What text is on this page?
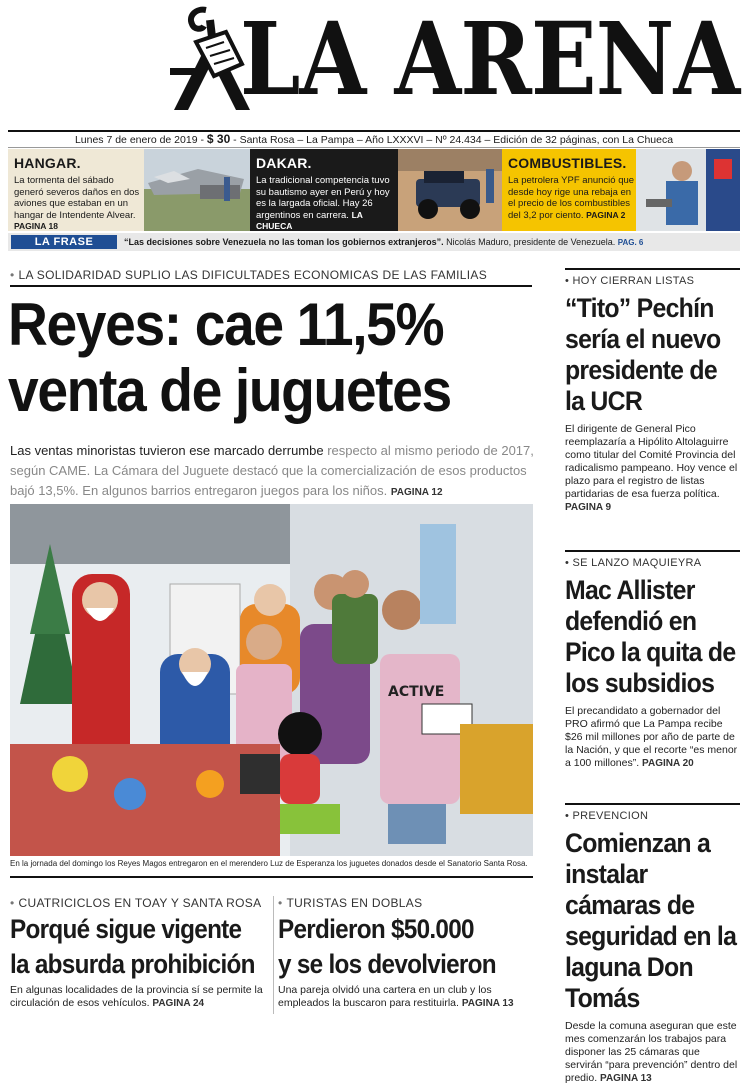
LA ARENA
Lunes 7 de enero de 2019 - $ 30 - Santa Rosa – La Pampa – Año LXXXVI – Nº 24.434 – Edición de 32 páginas, con La Chueca
HANGAR.

La tormenta del sábado generó severos daños en dos aviones que estaban en un hangar de Intendente Alvear. PAGINA 18

DAKAR.

La tradicional competencia tuvo su bautismo ayer en Perú y hoy es la largada oficial. Hay 26 argentinos en carrera. LA CHUECA

COMBUSTIBLES.

La petrolera YPF anunció que desde hoy rige una rebaja en el precio de los combustibles del 3,2 por ciento. PAGINA 2

LA FRASE	“Las decisiones sobre Venezuela no las toman los gobiernos extranjeros”. Nicolás Maduro, presidente de Venezuela. PAG. 6
• LA SOLIDARIDAD SUPLIO LAS DIFICULTADES ECONOMICAS DE LAS FAMILIAS
Reyes: cae 11,5%
venta de juguetes
Las ventas minoristas tuvieron ese marcado derrumbe respecto al mismo periodo de 2017, según CAME. La Cámara del Juguete destacó que la comercialización de esos productos bajó 13,5%. En algunos barrios entregaron juegos para los niños. PAGINA 12
ACTIVE
En la jornada del domingo los Reyes Magos entregaron en el merendero Luz de Esperanza los juguetes donados desde el Sanatorio Santa Rosa.
• CUATRICICLOS EN TOAY Y SANTA ROSA
Porqué sigue vigente
la absurda prohibición
En algunas localidades de la provincia sí se permite la circulación de esos vehículos. PAGINA 24
• TURISTAS EN DOBLAS
Perdieron $50.000
y se los devolvieron
Una pareja olvidó una cartera en un club y los empleados la buscaron para restituirla. PAGINA 13
• HOY CIERRAN LISTAS
“Tito” Pechín sería el nuevo presidente de la UCR
El dirigente de General Pico reemplazaría a Hipólito Altolaguirre como titular del Comité Provincia del radicalismo pampeano. Hoy vence el plazo para el registro de listas partidarias de esa fuerza política. PAGINA 9
• SE LANZO MAQUIEYRA
Mac Allister defendió en Pico la quita de los subsidios
El precandidato a gobernador del PRO afirmó que La Pampa recibe $26 mil millones por año de parte de la Nación, y que el recorte “es menor a 100 millones”. PAGINA 20
• PREVENCION
Comienzan a instalar cámaras de seguridad en la laguna Don Tomás
Desde la comuna aseguran que este mes comenzarán los trabajos para disponer las 25 cámaras que servirán “para prevención” dentro del predio. PAGINA 13
